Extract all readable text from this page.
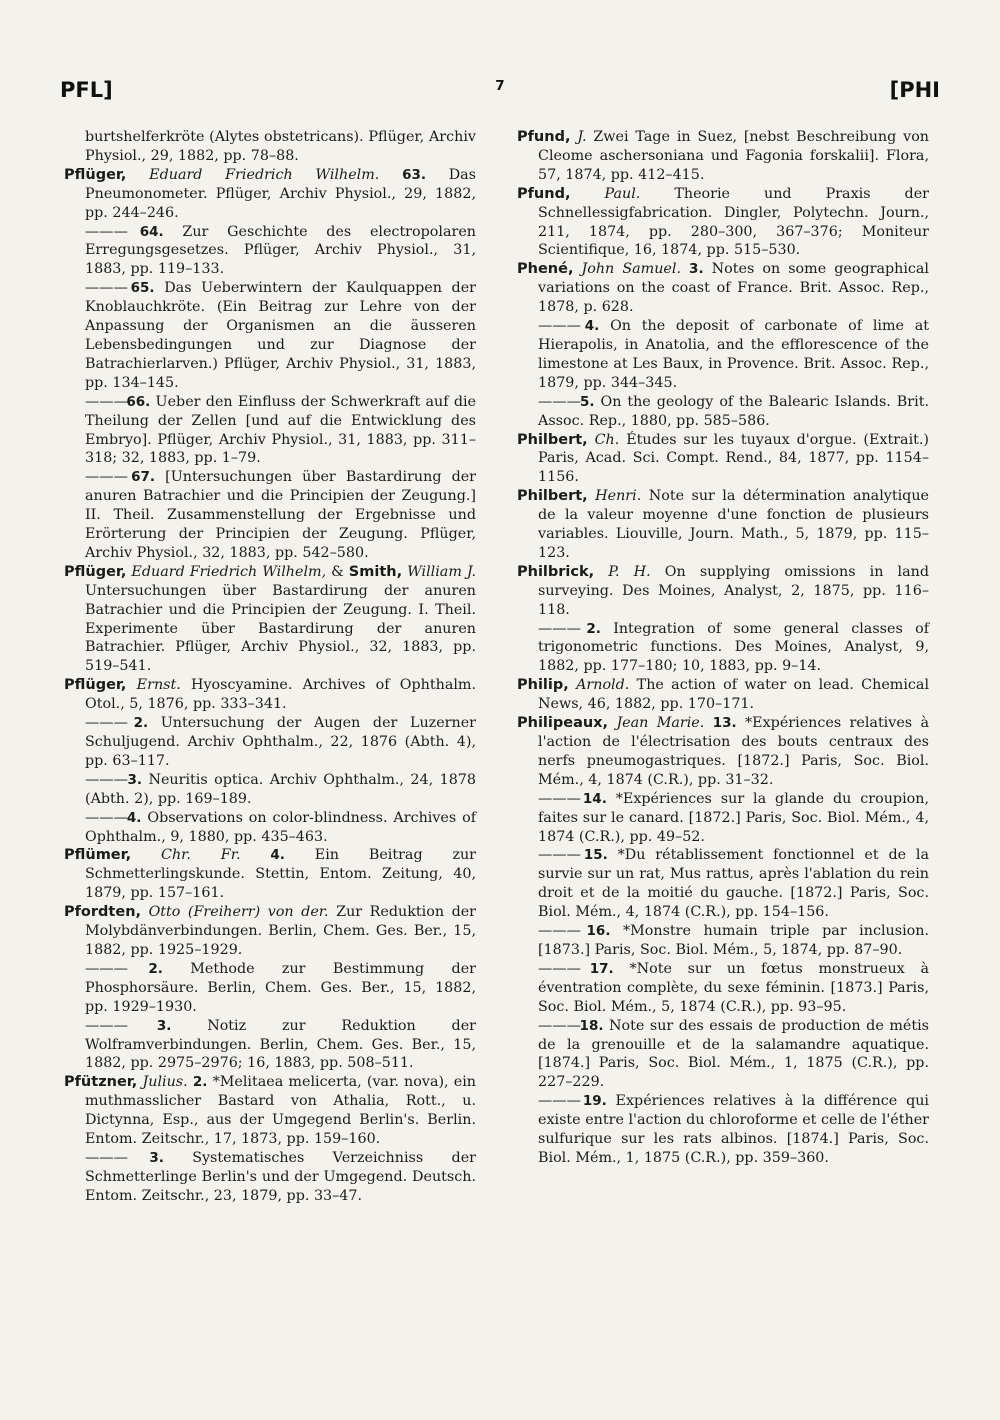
PFL]	7	[PHI

burtshelferkröte (Alytes obstetricans). Pflüger, Archiv Physiol., 29, 1882, pp. 78–88.

Pflüger, Eduard Friedrich Wilhelm. 63. Das Pneumonometer. Pflüger, Archiv Physiol., 29, 1882, pp. 244–246.

——— 64. Zur Geschichte des electropolaren Erregungsgesetzes. Pflüger, Archiv Physiol., 31, 1883, pp. 119–133.

——— 65. Das Ueberwintern der Kaulquappen der Knoblauchkröte. (Ein Beitrag zur Lehre von der Anpassung der Organismen an die äusseren Lebensbedingungen und zur Diagnose der Batrachierlarven.) Pflüger, Archiv Physiol., 31, 1883, pp. 134–145.

——— 66. Ueber den Einfluss der Schwerkraft auf die Theilung der Zellen [und auf die Entwicklung des Embryo]. Pflüger, Archiv Physiol., 31, 1883, pp. 311–318; 32, 1883, pp. 1–79.

——— 67. [Untersuchungen über Bastardirung der anuren Batrachier und die Principien der Zeugung.] II. Theil. Zusammenstellung der Ergebnisse und Erörterung der Principien der Zeugung. Pflüger, Archiv Physiol., 32, 1883, pp. 542–580.

Pflüger, Eduard Friedrich Wilhelm, & Smith, William J. Untersuchungen über Bastardirung der anuren Batrachier und die Principien der Zeugung. I. Theil. Experimente über Bastardirung der anuren Batrachier. Pflüger, Archiv Physiol., 32, 1883, pp. 519–541.

Pflüger, Ernst. Hyoscyamine. Archives of Ophthalm. Otol., 5, 1876, pp. 333–341.

——— 2. Untersuchung der Augen der Luzerner Schuljugend. Archiv Ophthalm., 22, 1876 (Abth. 4), pp. 63–117.

——— 3. Neuritis optica. Archiv Ophthalm., 24, 1878 (Abth. 2), pp. 169–189.

——— 4. Observations on color-blindness. Archives of Ophthalm., 9, 1880, pp. 435–463.

Pflümer, Chr. Fr. 4. Ein Beitrag zur Schmetterlingskunde. Stettin, Entom. Zeitung, 40, 1879, pp. 157–161.

Pfordten, Otto (Freiherr) von der. Zur Reduktion der Molybdänverbindungen. Berlin, Chem. Ges. Ber., 15, 1882, pp. 1925–1929.

——— 2. Methode zur Bestimmung der Phosphorsäure. Berlin, Chem. Ges. Ber., 15, 1882, pp. 1929–1930.

——— 3.	Notiz zur Reduktion der Wolframverbindungen. Berlin, Chem. Ges. Ber., 15, 1882, pp. 2975–2976; 16, 1883, pp. 508–511.

Pfützner, Julius. 2. *Melitaea melicerta, (var. nova), ein muthmasslicher Bastard von Athalia, Rott., u. Dictynna, Esp., aus der Umgegend Berlin's. Berlin. Entom. Zeitschr., 17, 1873, pp. 159–160.

——— 3. Systematisches Verzeichniss der Schmetterlinge Berlin's und der Umgegend. Deutsch. Entom. Zeitschr., 23, 1879, pp. 33–47.

Pfund, J. Zwei Tage in Suez, [nebst Beschreibung von Cleome aschersoniana und Fagonia forskalii]. Flora, 57, 1874, pp. 412–415.

Pfund, Paul. Theorie und Praxis der Schnellessigfabrication. Dingler, Polytechn. Journ., 211, 1874, pp. 280–300, 367–376; Moniteur Scientifique, 16, 1874, pp. 515–530.

Phené, John Samuel. 3. Notes on some geographical variations on the coast of France. Brit. Assoc. Rep., 1878, p. 628.

——— 4. On the deposit of carbonate of lime at Hierapolis, in Anatolia, and the efflorescence of the limestone at Les Baux, in Provence. Brit. Assoc. Rep., 1879, pp. 344–345.

——— 5. On the geology of the Balearic Islands. Brit. Assoc. Rep., 1880, pp. 585–586.

Philbert, Ch. Études sur les tuyaux d'orgue. (Extrait.) Paris, Acad. Sci. Compt. Rend., 84, 1877, pp. 1154–1156.

Philbert, Henri. Note sur la détermination analytique de la valeur moyenne d'une fonction de plusieurs variables. Liouville, Journ. Math., 5, 1879, pp. 115–123.

Philbrick, P. H. On supplying omissions in land surveying. Des Moines, Analyst, 2, 1875, pp. 116–118.

——— 2. Integration of some general classes of trigonometric functions. Des Moines, Analyst, 9, 1882, pp. 177–180; 10, 1883, pp. 9–14.

Philip, Arnold. The action of water on lead. Chemical News, 46, 1882, pp. 170–171.

Philipeaux, Jean Marie. 13. *Expériences relatives à l'action de l'électrisation des bouts centraux des nerfs pneumogastriques. [1872.] Paris, Soc. Biol. Mém., 4, 1874 (C.R.), pp. 31–32.

——— 14. *Expériences sur la glande du croupion, faites sur le canard. [1872.] Paris, Soc. Biol. Mém., 4, 1874 (C.R.), pp. 49–52.

——— 15. *Du rétablissement fonctionnel et de la survie sur un rat, Mus rattus, après l'ablation du rein droit et de la moitié du gauche. [1872.] Paris, Soc. Biol. Mém., 4, 1874 (C.R.), pp. 154–156.

——— 16. *Monstre humain triple par inclusion. [1873.] Paris, Soc. Biol. Mém., 5, 1874, pp. 87–90.

——— 17. *Note sur un fœtus monstrueux à éventration complète, du sexe féminin. [1873.] Paris, Soc. Biol. Mém., 5, 1874 (C.R.), pp. 93–95.

——— 18. Note sur des essais de production de métis de la grenouille et de la salamandre aquatique. [1874.] Paris, Soc. Biol. Mém., 1, 1875 (C.R.), pp. 227–229.

——— 19. Expériences relatives à la différence qui existe entre l'action du chloroforme et celle de l'éther sulfurique sur les rats albinos. [1874.] Paris, Soc. Biol. Mém., 1, 1875 (C.R.), pp. 359–360.
